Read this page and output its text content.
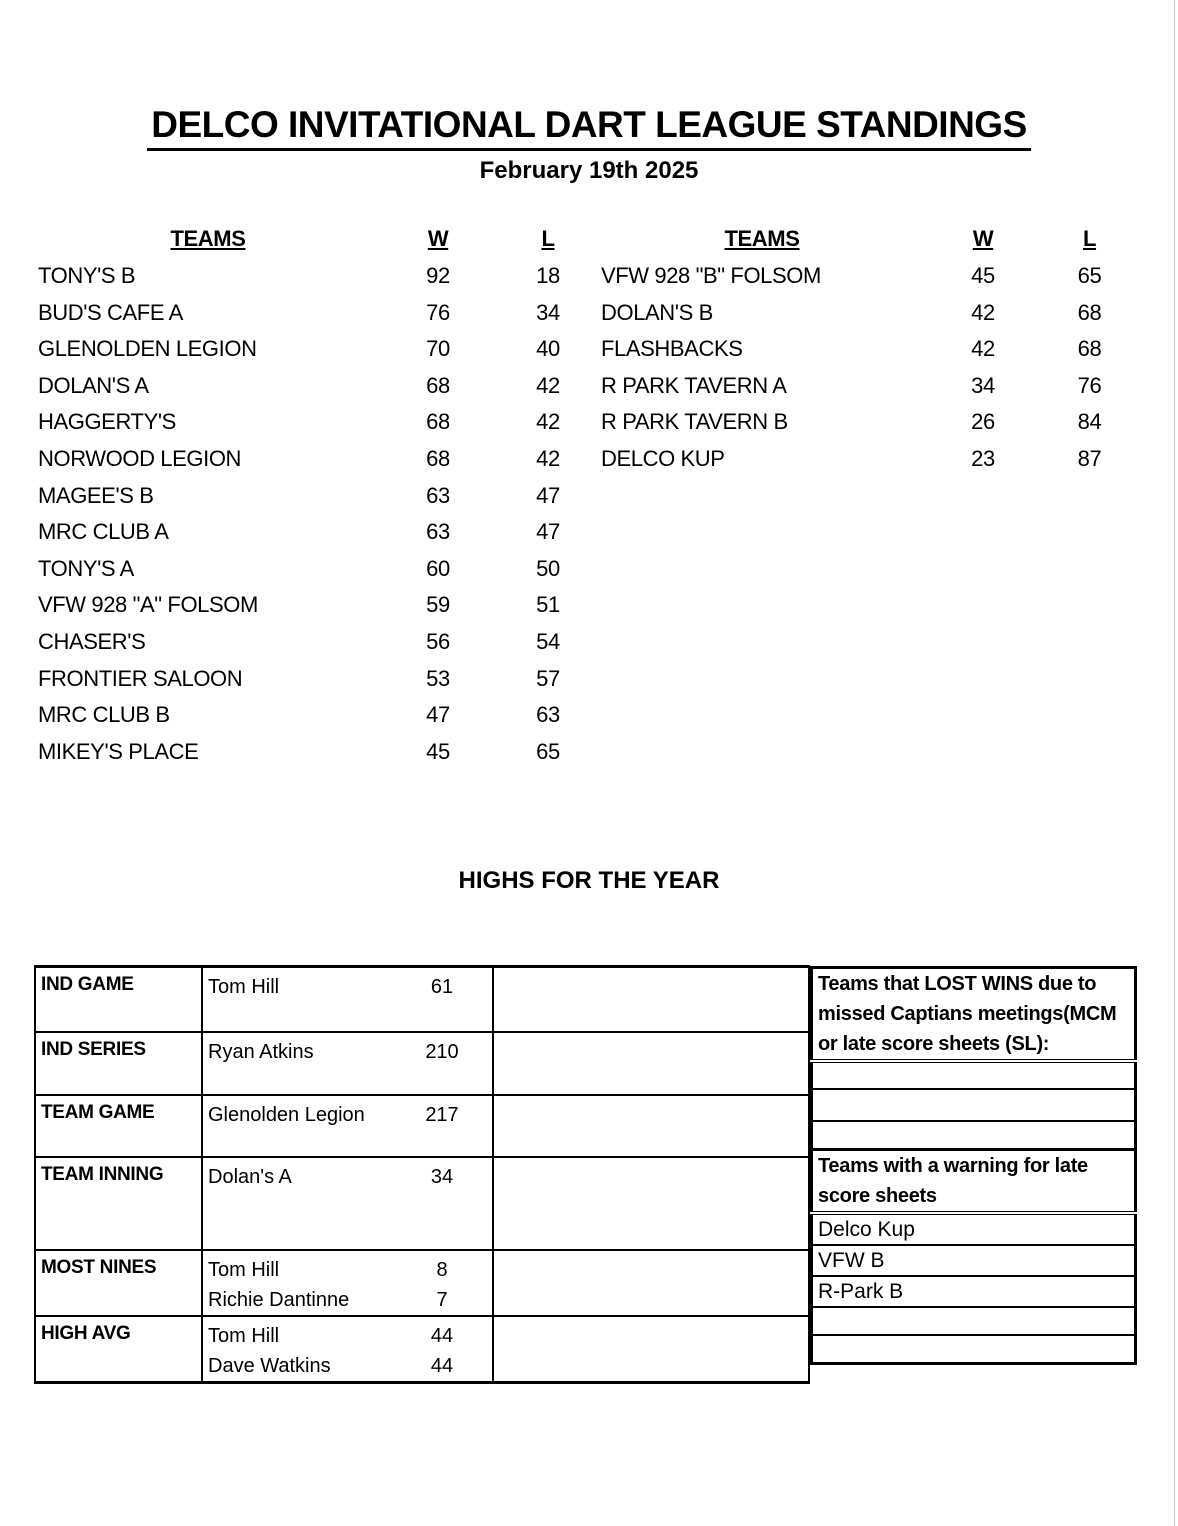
DELCO INVITATIONAL DART LEAGUE STANDINGS
February 19th 2025
TEAMS	W	L
TONY'S B	92	18
BUD'S CAFE A	76	34
GLENOLDEN LEGION	70	40
DOLAN'S A	68	42
HAGGERTY'S	68	42
NORWOOD LEGION	68	42
MAGEE'S B	63	47
MRC CLUB A	63	47
TONY'S A	60	50
VFW 928 "A" FOLSOM	59	51
CHASER'S	56	54
FRONTIER SALOON	53	57
MRC CLUB B	47	63
MIKEY'S PLACE	45	65
TEAMS	W	L
VFW 928 "B" FOLSOM	45	65
DOLAN'S B	42	68
FLASHBACKS	42	68
R PARK TAVERN A	34	76
R PARK TAVERN B	26	84
DELCO KUP	23	87
HIGHS FOR THE YEAR
IND GAME	Tom Hill 61	

IND SERIES	Ryan Atkins 210	

TEAM GAME	Glenolden Legion 217	

TEAM INNING	Dolan's A 34	

MOST NINES	Tom Hill 8
Richie Dantinne 7	

HIGH AVG	Tom Hill 44
Dave Watkins 44	

Teams that LOST WINS due to
missed Captians meetings(MCM
or late score sheets (SL):

Teams with a warning for late
score sheets

Delco Kup

VFW B

R-Park B
